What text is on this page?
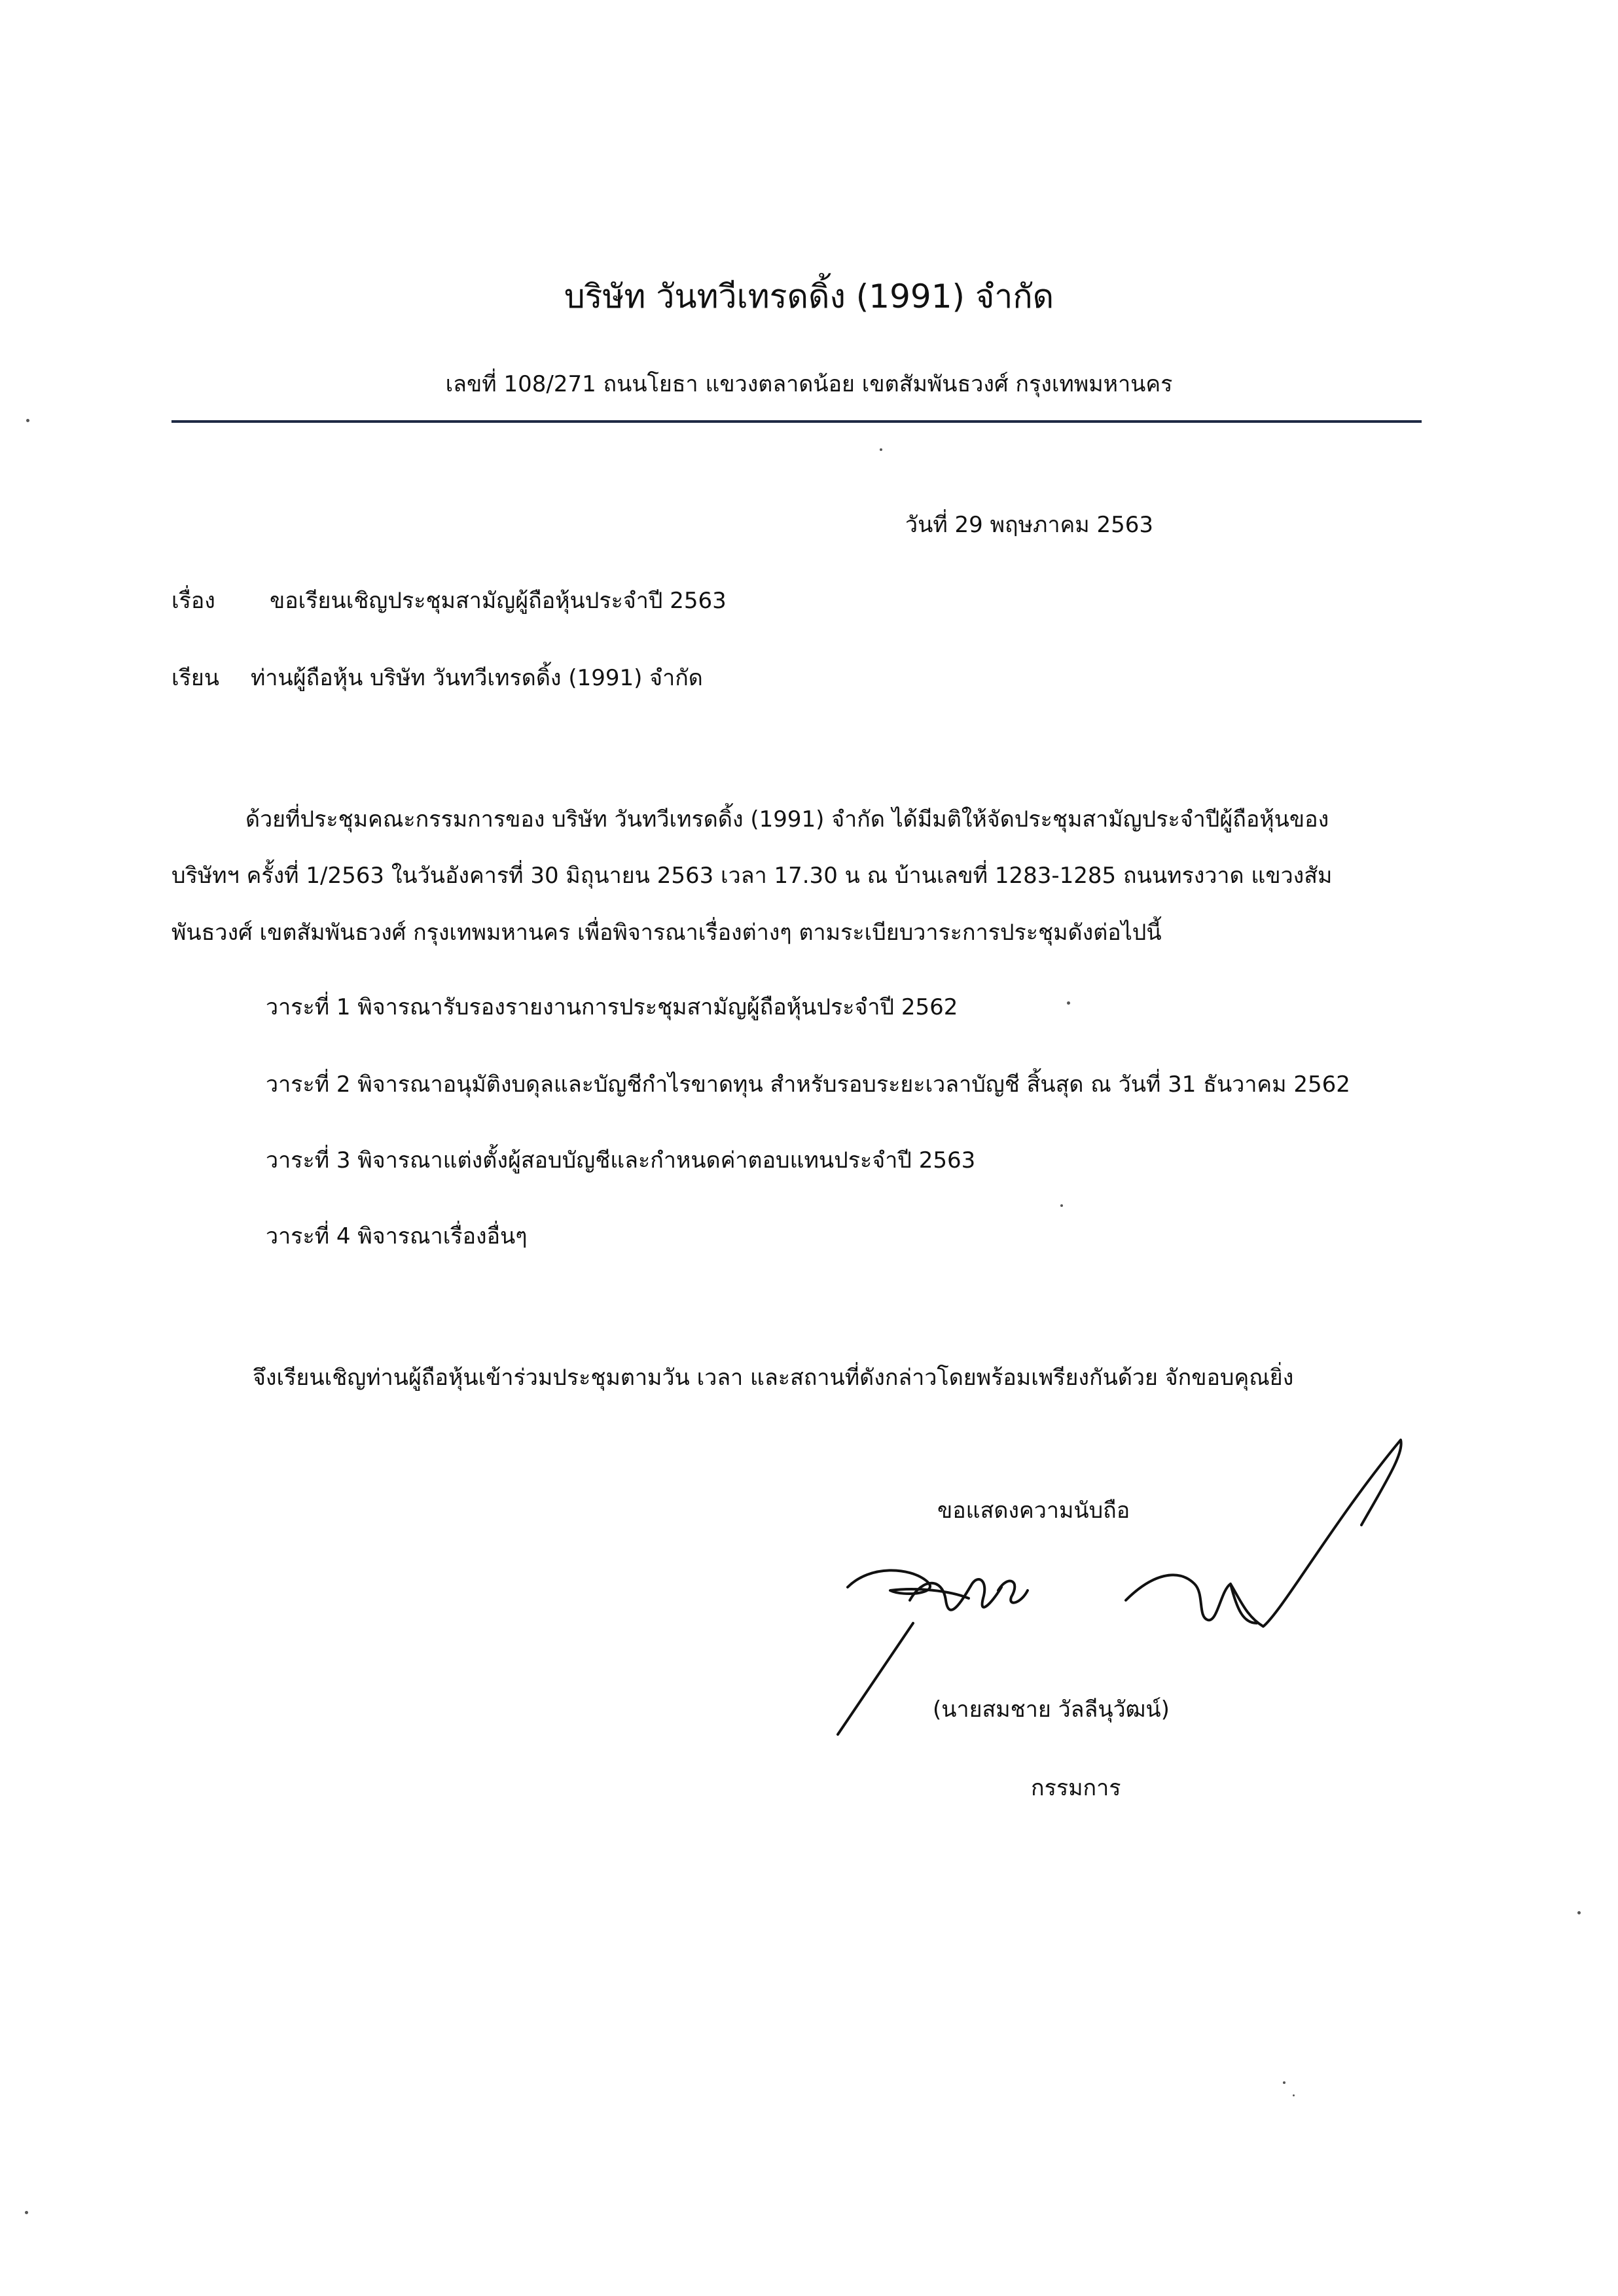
บริษัท วันทวีเทรดดิ้ง (1991) จำกัด
เลขที่ 108/271 ถนนโยธา แขวงตลาดน้อย เขตสัมพันธวงศ์ กรุงเทพมหานคร
วันที่ 29 พฤษภาคม 2563
เรื่อง ขอเรียนเชิญประชุมสามัญผู้ถือหุ้นประจำปี 2563
เรียน ท่านผู้ถือหุ้น บริษัท วันทวีเทรดดิ้ง (1991) จำกัด
ด้วยที่ประชุมคณะกรรมการของ บริษัท วันทวีเทรดดิ้ง (1991) จำกัด ได้มีมติให้จัดประชุมสามัญประจำปีผู้ถือหุ้นของ
บริษัทฯ ครั้งที่ 1/2563 ในวันอังคารที่ 30 มิถุนายน 2563 เวลา 17.30 น ณ บ้านเลขที่ 1283-1285 ถนนทรงวาด แขวงสัม
พันธวงศ์ เขตสัมพันธวงศ์ กรุงเทพมหานคร เพื่อพิจารณาเรื่องต่างๆ ตามระเบียบวาระการประชุมดังต่อไปนี้
วาระที่ 1 พิจารณารับรองรายงานการประชุมสามัญผู้ถือหุ้นประจำปี 2562
วาระที่ 2 พิจารณาอนุมัติงบดุลและบัญชีกำไรขาดทุน สำหรับรอบระยะเวลาบัญชี สิ้นสุด ณ วันที่ 31 ธันวาคม 2562
วาระที่ 3 พิจารณาแต่งตั้งผู้สอบบัญชีและกำหนดค่าตอบแทนประจำปี 2563
วาระที่ 4 พิจารณาเรื่องอื่นๆ
จึงเรียนเชิญท่านผู้ถือหุ้นเข้าร่วมประชุมตามวัน เวลา และสถานที่ดังกล่าวโดยพร้อมเพรียงกันด้วย จักขอบคุณยิ่ง
ขอแสดงความนับถือ
(นายสมชาย วัลลีนุวัฒน์)
กรรมการ
